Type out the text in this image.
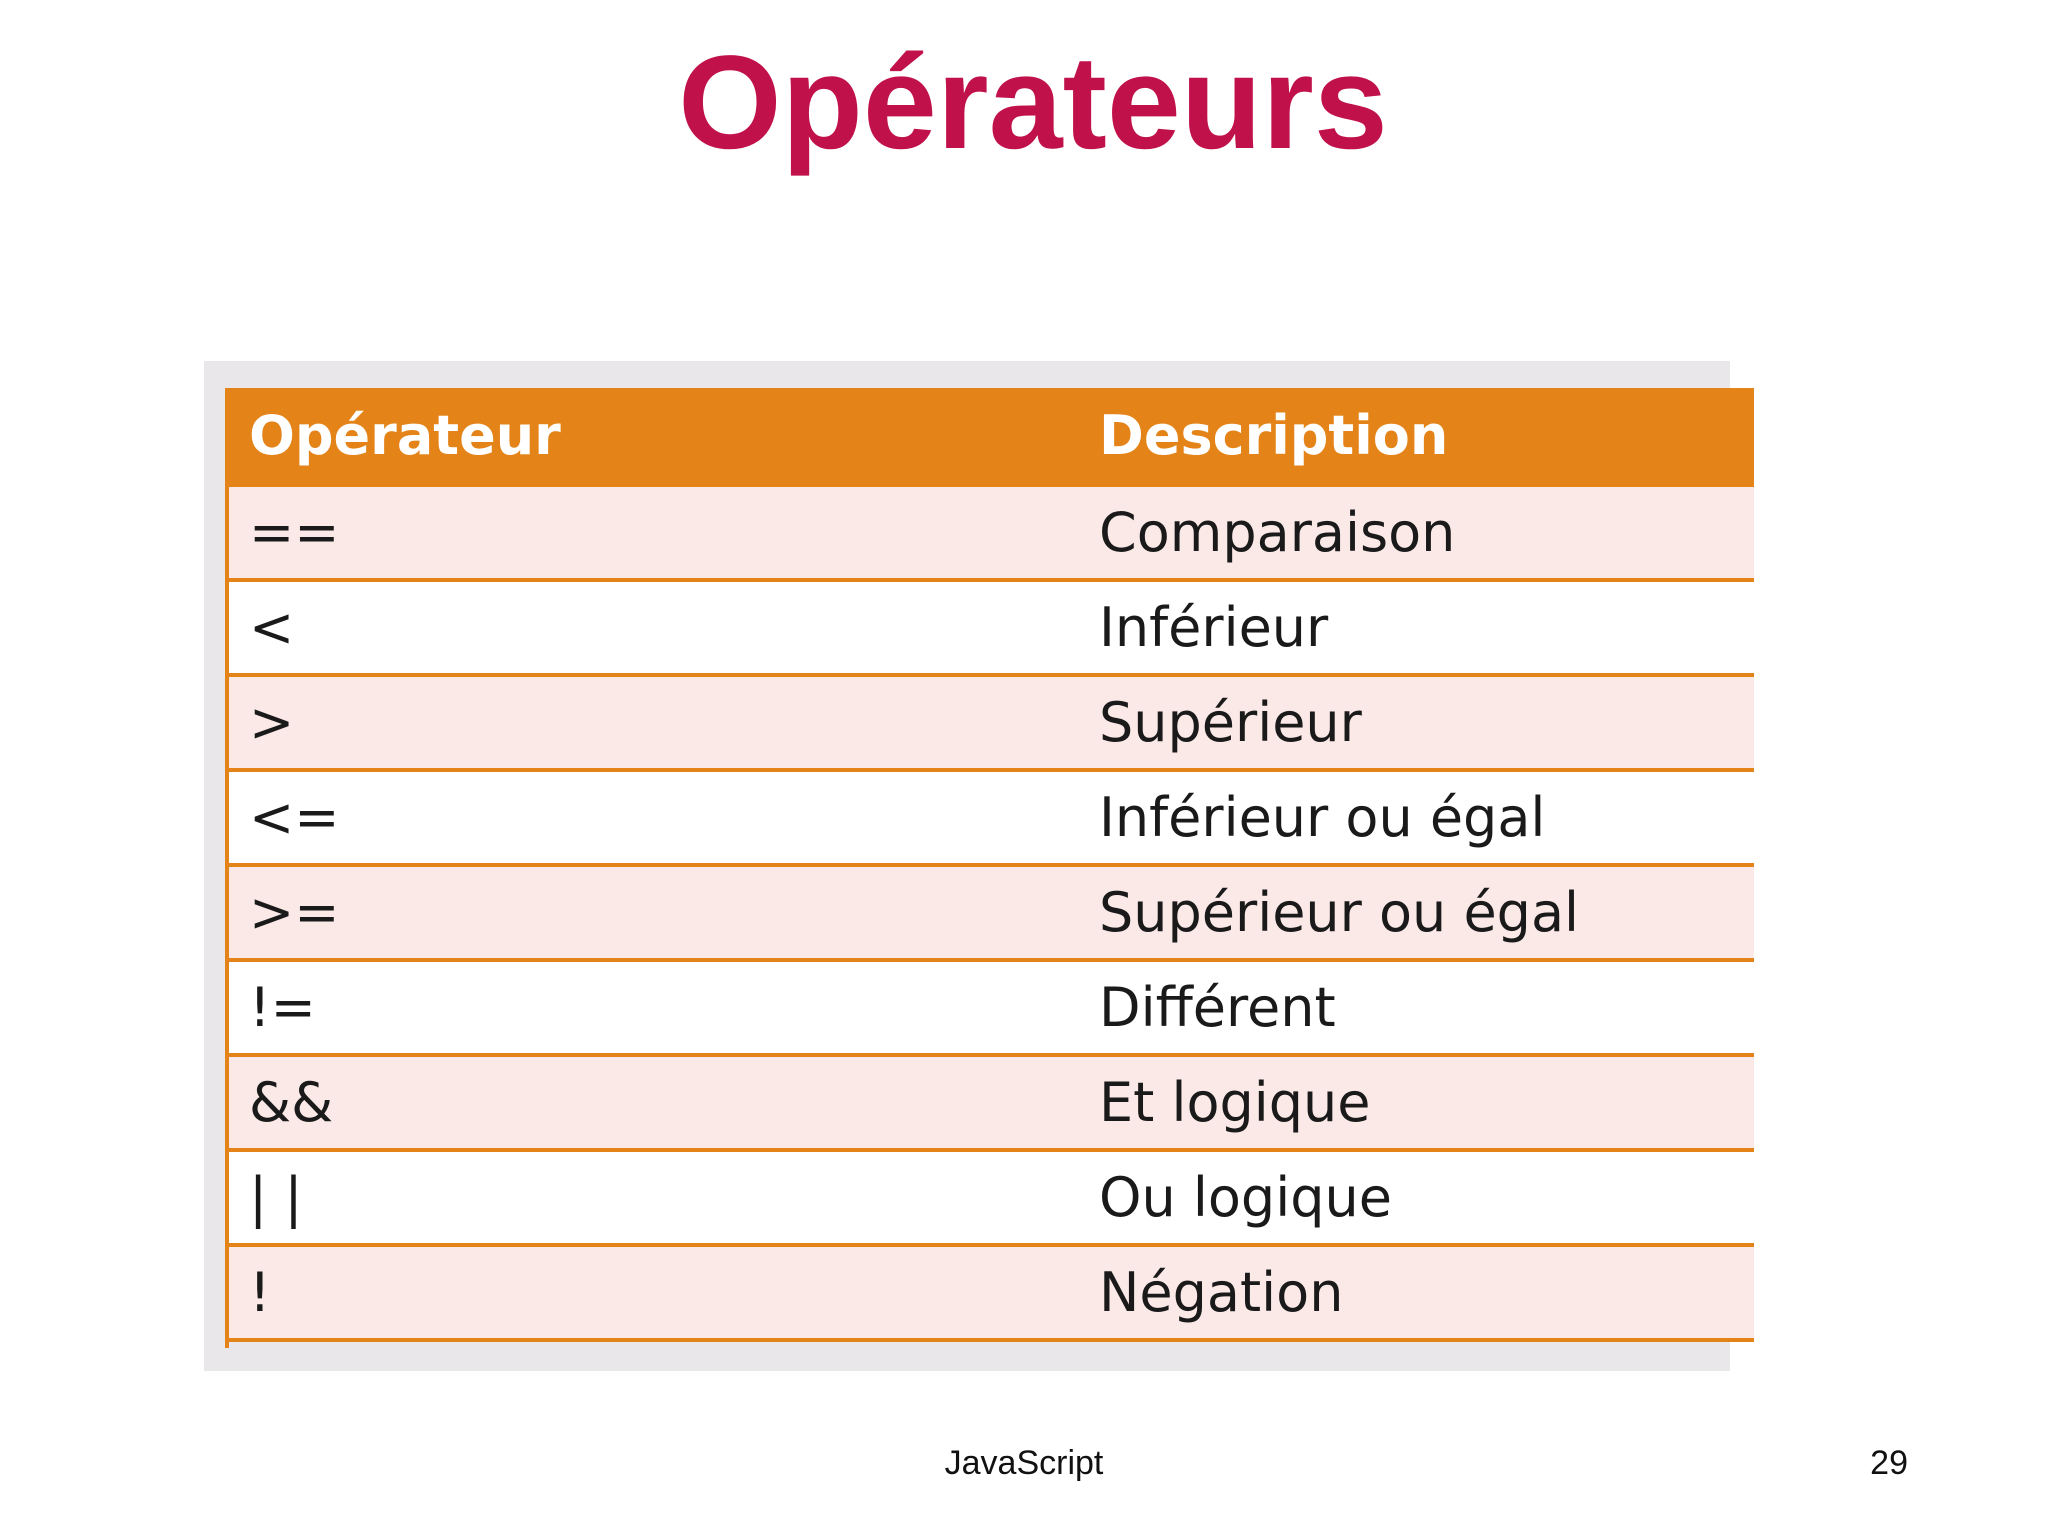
Opérateurs
Opérateur	Description
==	Comparaison
<	Inférieur
>	Supérieur
<=	Inférieur ou égal
>=	Supérieur ou égal
!=	Différent
&&	Et logique
| |	Ou logique
!	Négation
JavaScript	29
